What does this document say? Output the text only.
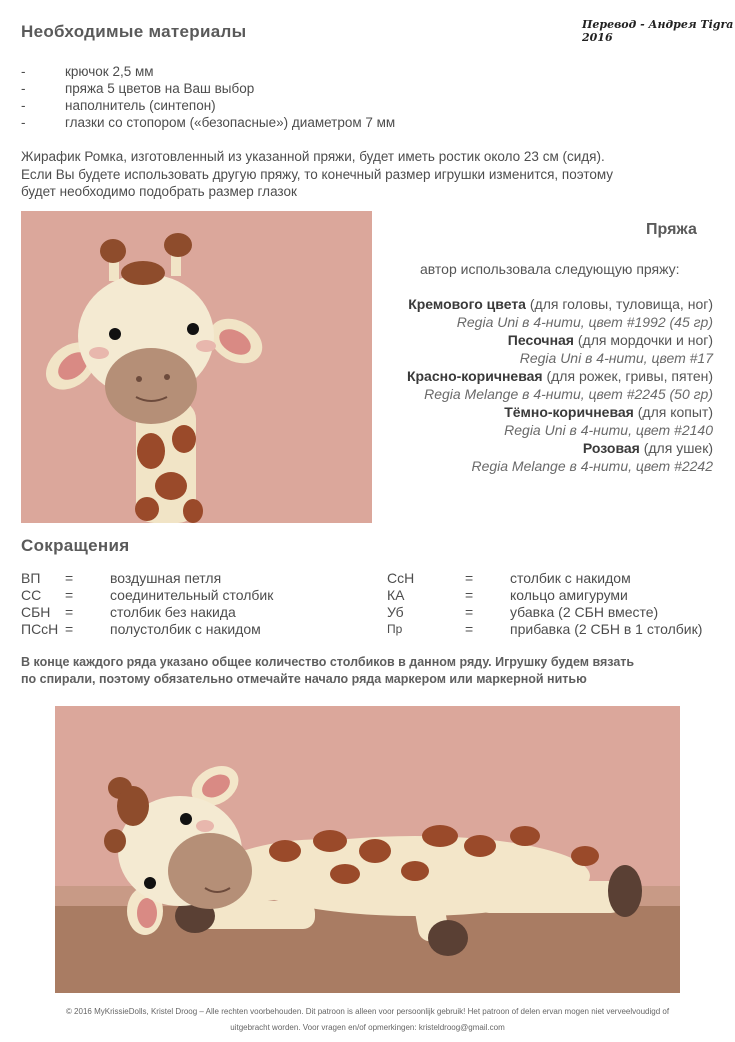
Необходимые материалы	Перевод - Андрея Tigra 2016
-	крючок 2,5 мм
-	пряжа 5 цветов на Ваш выбор
-	наполнитель (синтепон)
-	глазки со стопором («безопасные») диаметром 7 мм
Жирафик Ромка, изготовленный из указанной пряжи, будет иметь ростик около 23 см (сидя).
Если Вы будете использовать другую пряжу, то конечный размер игрушки изменится, поэтому
будет необходимо подобрать размер глазок
Пряжа
автор использовала следующую пряжу:
Кремового цвета (для головы, туловища, ног)
Regia Uni в 4-нити, цвет #1992 (45 гр)
Песочная (для мордочки и ног)
Regia Uni в 4-нити, цвет #17
Красно-коричневая (для рожек, гривы, пятен)
Regia Melange в 4-нити, цвет #2245 (50 гр)
Тёмно-коричневая (для копыт)
Regia Uni в 4-нити, цвет #2140
Розовая (для ушек)
Regia Melange в 4-нити, цвет #2242
Сокращения
ВП =	воздушная петля
СС =	соединительный столбик
СБН =	столбик без накида
ПСсН =	полустолбик с накидом
СсН	=	столбик с накидом
КА	=	кольцо амигуруми
Уб	=	убавка (2 СБН вместе)
Пр	=	прибавка (2 СБН в 1 столбик)
В конце каждого ряда указано общее количество столбиков в данном ряду. Игрушку будем вязать
по спирали, поэтому обязательно отмечайте начало ряда маркером или маркерной нитью
© 2016 MyKrissieDolls, Kristel Droog – Alle rechten voorbehouden. Dit patroon is alleen voor persoonlijk gebruik! Het patroon of delen ervan mogen niet verveelvoudigd of
uitgebracht worden. Voor vragen en/of opmerkingen: kristeldroog@gmail.com
